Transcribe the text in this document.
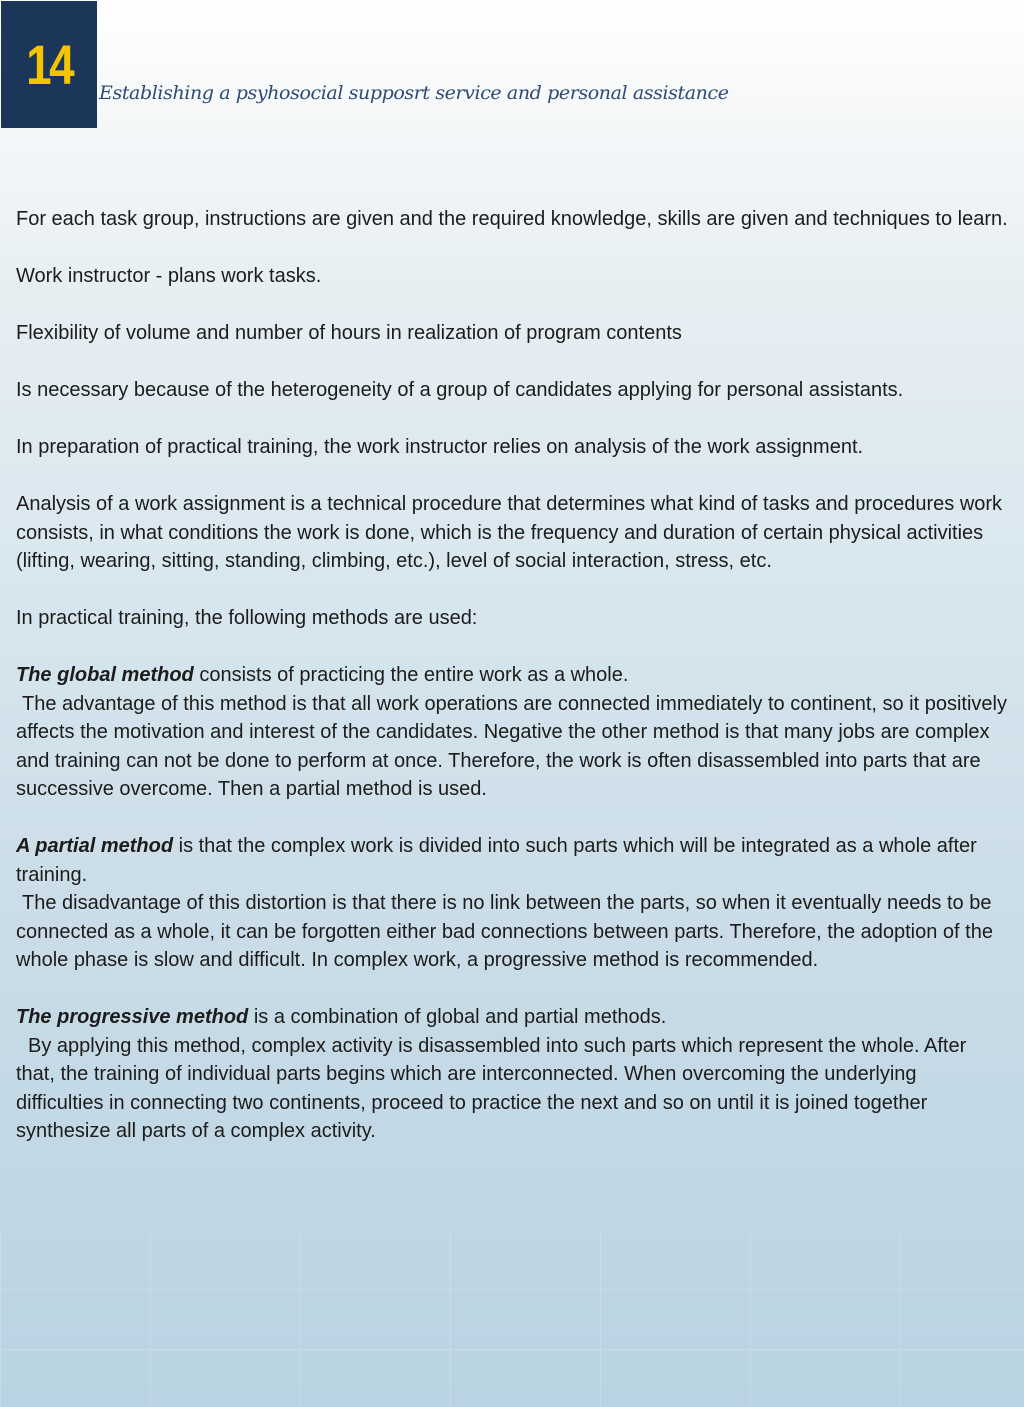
14 Establishing a psyhosocial supposrt service and personal assistance

For each task group, instructions are given and the required knowledge, skills are given and techniques to learn.

Work instructor - plans work tasks.

Flexibility of volume and number of hours in realization of program contents

Is necessary because of the heterogeneity of a group of candidates applying for personal assistants.

In preparation of practical training, the work instructor relies on analysis of the work assignment.

Analysis of a work assignment is a technical procedure that determines what kind of tasks and procedures work consists, in what conditions the work is done, which is the frequency and duration of certain physical activities (lifting, wearing, sitting, standing, climbing, etc.), level of social interaction, stress, etc.

In practical training, the following methods are used:

The global method consists of practicing the entire work as a whole.
The advantage of this method is that all work operations are connected immediately to continent, so it positively affects the motivation and interest of the candidates. Negative the other method is that many jobs are complex and training can not be done to perform at once. Therefore, the work is often disassembled into parts that are successive overcome. Then a partial method is used.

A partial method is that the complex work is divided into such parts which will be integrated as a whole after training.
The disadvantage of this distortion is that there is no link between the parts, so when it eventually needs to be connected as a whole, it can be forgotten either bad connections between parts. Therefore, the adoption of the whole phase is slow and difficult. In complex work, a progressive method is recommended.

The progressive method is a combination of global and partial methods.
By applying this method, complex activity is disassembled into such parts which represent the whole. After that, the training of individual parts begins which are interconnected. When overcoming the underlying difficulties in connecting two continents, proceed to practice the next and so on until it is joined together synthesize all parts of a complex activity.
